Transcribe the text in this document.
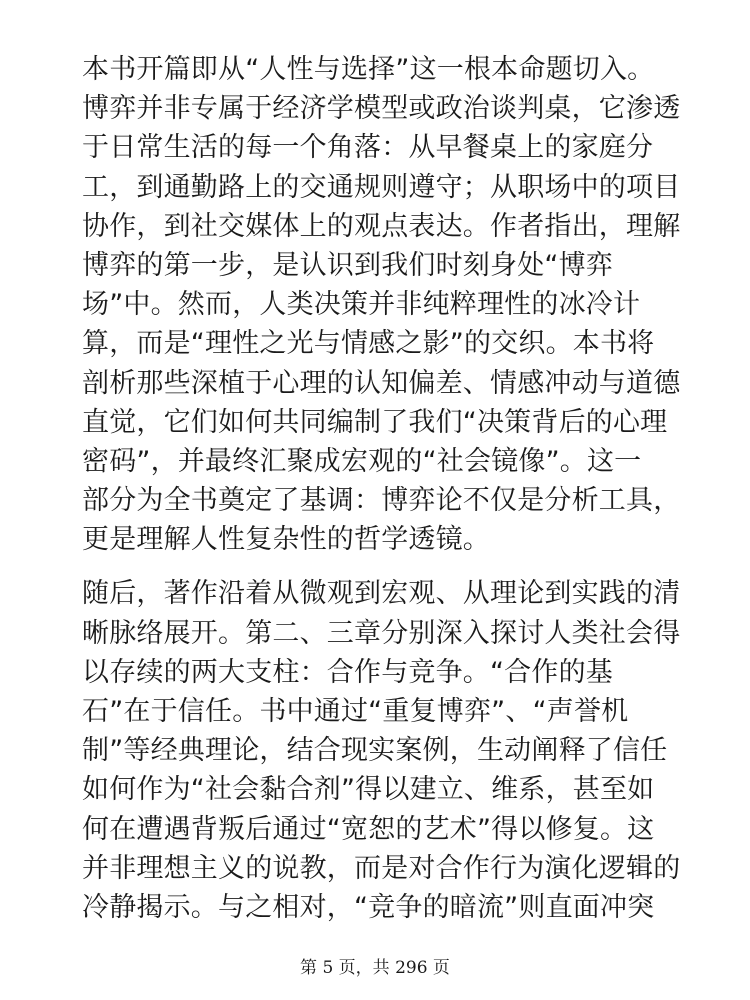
本书开篇即从“人性与选择”这一根本命题切入。
博弈并非专属于经济学模型或政治谈判桌，它渗透
于日常生活的每一个角落：从早餐桌上的家庭分
工，到通勤路上的交通规则遵守；从职场中的项目
协作，到社交媒体上的观点表达。作者指出，理解
博弈的第一步，是认识到我们时刻身处“博弈
场”中。然而，人类决策并非纯粹理性的冰冷计
算，而是“理性之光与情感之影”的交织。本书将
剖析那些深植于心理的认知偏差、情感冲动与道德
直觉，它们如何共同编制了我们“决策背后的心理
密码”，并最终汇聚成宏观的“社会镜像”。这一
部分为全书奠定了基调：博弈论不仅是分析工具，
更是理解人性复杂性的哲学透镜。
随后，著作沿着从微观到宏观、从理论到实践的清
晰脉络展开。第二、三章分别深入探讨人类社会得
以存续的两大支柱：合作与竞争。“合作的基
石”在于信任。书中通过“重复博弈”、“声誉机
制”等经典理论，结合现实案例，生动阐释了信任
如何作为“社会黏合剂”得以建立、维系，甚至如
何在遭遇背叛后通过“宽恕的艺术”得以修复。这
并非理想主义的说教，而是对合作行为演化逻辑的
冷静揭示。与之相对，“竞争的暗流”则直面冲突
第 5 页，共 296 页
